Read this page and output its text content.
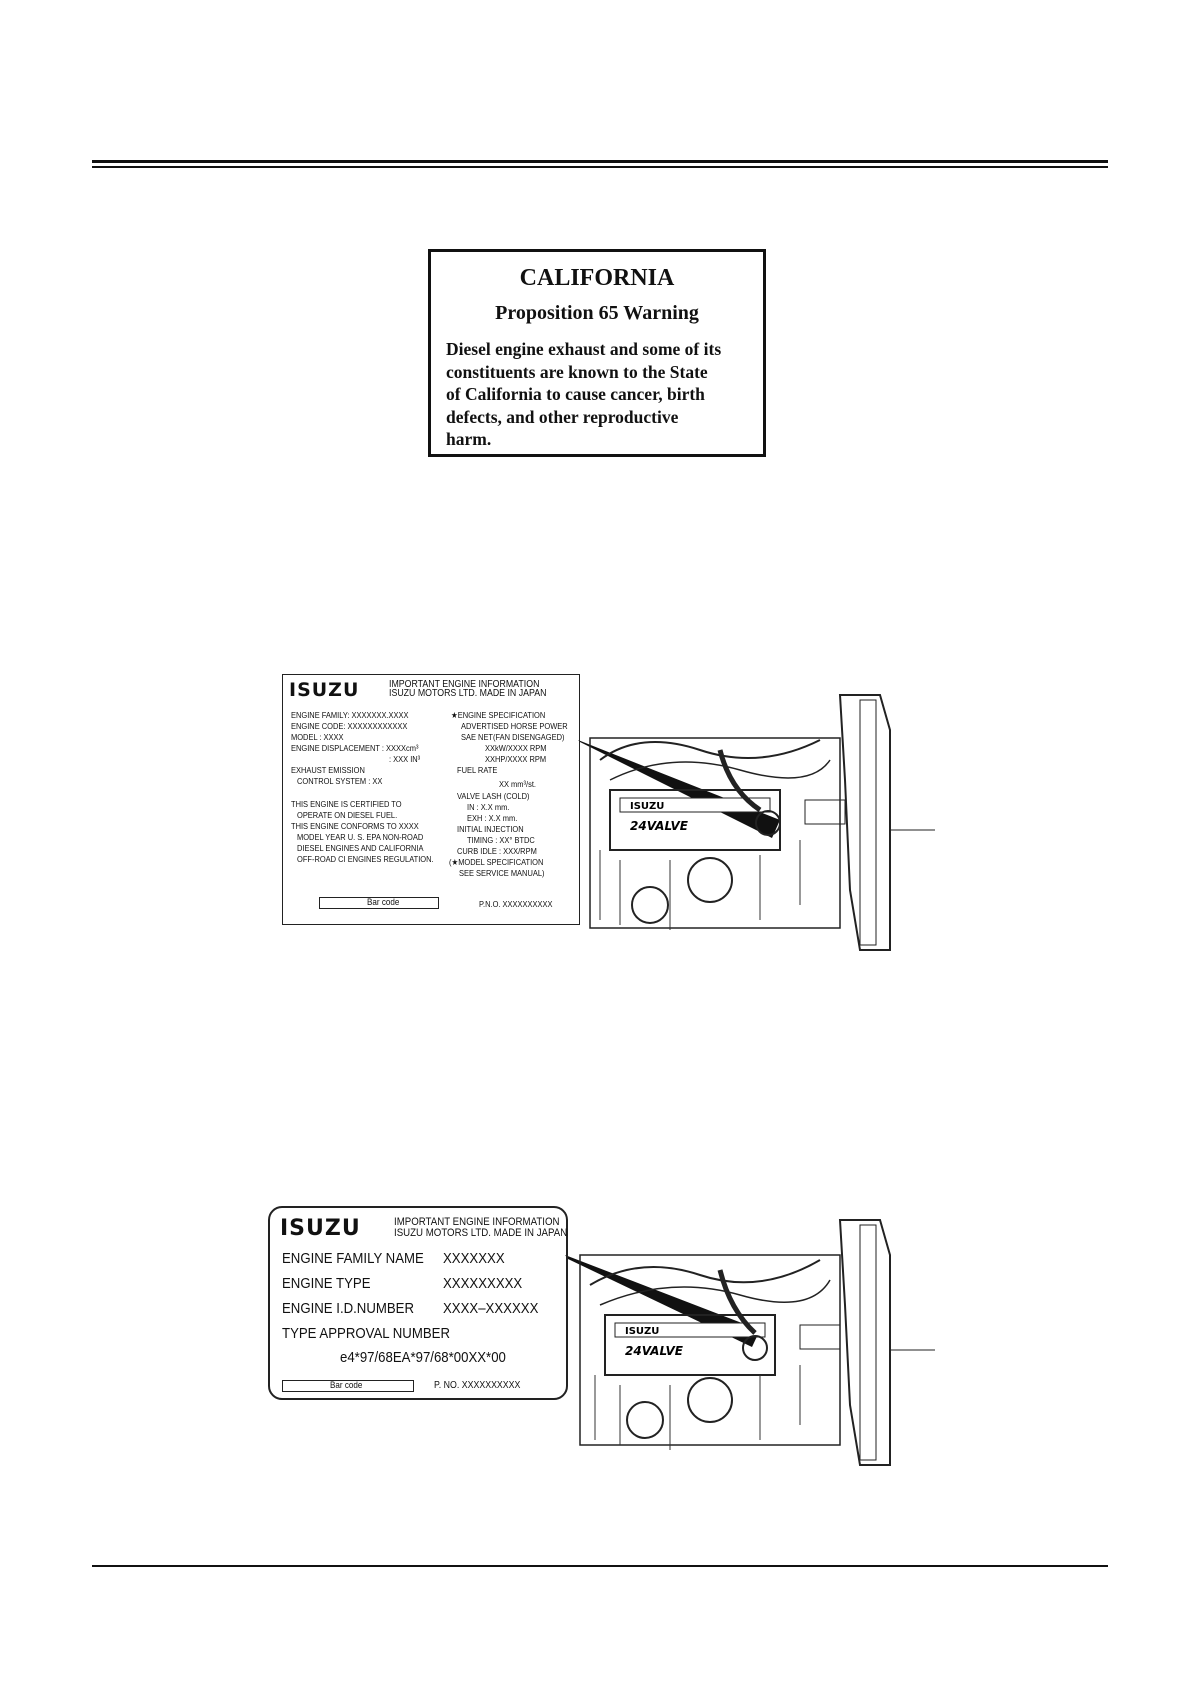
CALIFORNIA
Proposition 65 Warning
Diesel engine exhaust and some of its
constituents are known to the State
of California to cause cancer, birth
defects, and other reproductive
harm.
ISUZU
24VALVE
ISUZU	IMPORTANT ENGINE INFORMATION
ISUZU MOTORS LTD. MADE IN JAPAN
ENGINE FAMILY: XXXXXXX.XXXX
ENGINE CODE: XXXXXXXXXXXX
MODEL : XXXX
ENGINE DISPLACEMENT : XXXXcm³
: XXX IN³
EXHAUST EMISSION
CONTROL SYSTEM : XX
THIS ENGINE IS CERTIFIED TO
OPERATE ON DIESEL FUEL.
THIS ENGINE CONFORMS TO XXXX
MODEL YEAR U. S. EPA NON-ROAD
DIESEL ENGINES AND CALIFORNIA
OFF-ROAD CI ENGINES REGULATION.
★ENGINE SPECIFICATION
ADVERTISED HORSE POWER
SAE NET(FAN DISENGAGED)
XXkW/XXXX RPM
XXHP/XXXX RPM
FUEL RATE
XX mm³/st.
VALVE LASH (COLD)
IN : X.X mm.
EXH : X.X mm.
INITIAL INJECTION
TIMING : XX° BTDC
CURB IDLE : XXX/RPM
(★MODEL SPECIFICATION
SEE SERVICE MANUAL)
Bar code	P.N.O. XXXXXXXXXX
ISUZU
24VALVE
ISUZU	IMPORTANT ENGINE INFORMATION
ISUZU MOTORS LTD. MADE IN JAPAN
ENGINE FAMILY NAME XXXXXXX
ENGINE TYPE	XXXXXXXXX
ENGINE I.D.NUMBER XXXX–XXXXXX
TYPE APPROVAL NUMBER
e4*97/68EA*97/68*00XX*00
Bar code	P. NO. XXXXXXXXXX
